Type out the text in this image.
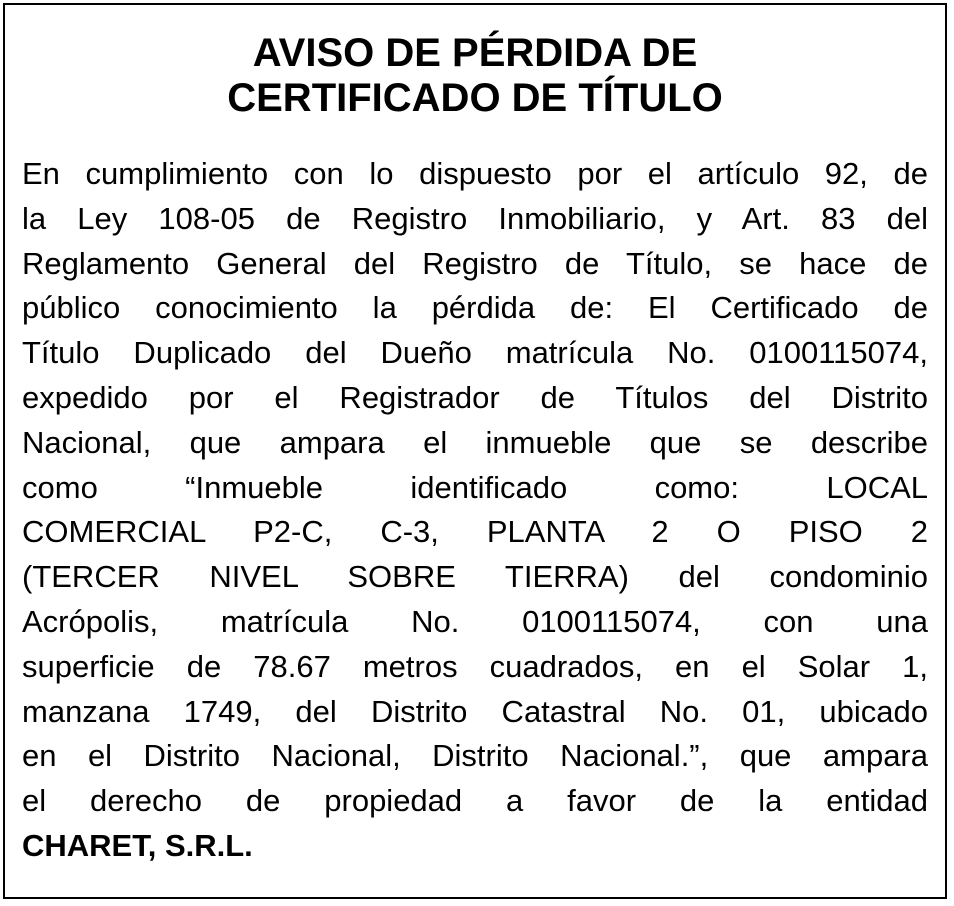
AVISO DE PÉRDIDA DE
CERTIFICADO DE TÍTULO
En cumplimiento con lo dispuesto por el artículo 92, de
la Ley 108-05 de Registro Inmobiliario, y Art. 83 del
Reglamento General del Registro de Título, se hace de
público conocimiento la pérdida de: El Certificado de
Título Duplicado del Dueño matrícula No. 0100115074,
expedido por el Registrador de Títulos del Distrito
Nacional, que ampara el inmueble que se describe
como “Inmueble identificado como: LOCAL
COMERCIAL P2-C, C-3, PLANTA 2 O PISO 2
(TERCER NIVEL SOBRE TIERRA) del condominio
Acrópolis, matrícula No. 0100115074, con una
superficie de 78.67 metros cuadrados, en el Solar 1,
manzana 1749, del Distrito Catastral No. 01, ubicado
en el Distrito Nacional, Distrito Nacional.”, que ampara
el derecho de propiedad a favor de la entidad
CHARET, S.R.L.
